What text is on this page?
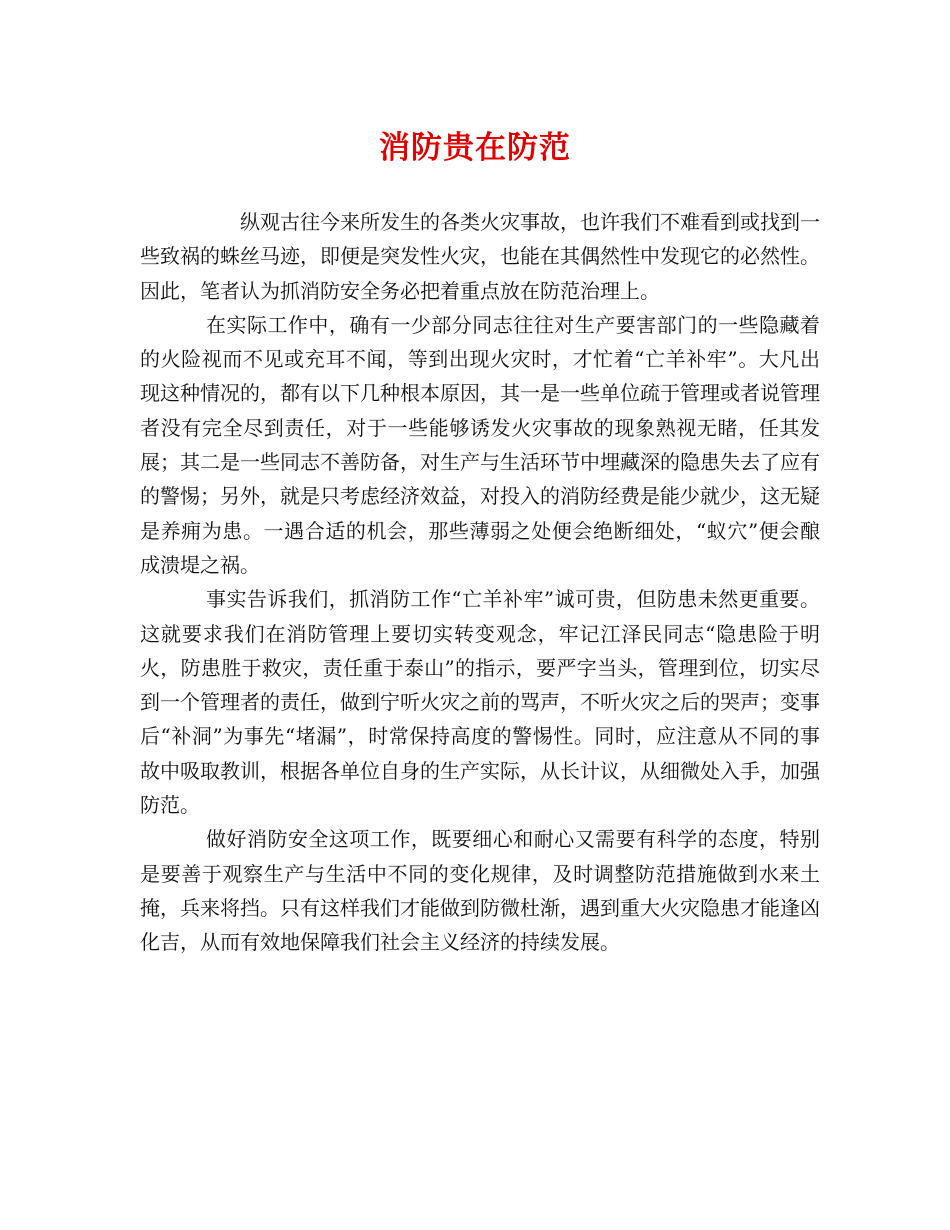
消防贵在防范

纵观古往今来所发生的各类火灾事故，也许我们不难看到或找到一些致祸的蛛丝马迹，即便是突发性火灾，也能在其偶然性中发现它的必然性。因此，笔者认为抓消防安全务必把着重点放在防范治理上。

在实际工作中，确有一少部分同志往往对生产要害部门的一些隐藏着的火险视而不见或充耳不闻，等到出现火灾时，才忙着“亡羊补牢”。大凡出现这种情况的，都有以下几种根本原因，其一是一些单位疏于管理或者说管理者没有完全尽到责任，对于一些能够诱发火灾事故的现象熟视无睹，任其发展；其二是一些同志不善防备，对生产与生活环节中埋藏深的隐患失去了应有的警惕；另外，就是只考虑经济效益，对投入的消防经费是能少就少，这无疑是养痈为患。一遇合适的机会，那些薄弱之处便会绝断细处，“蚁穴”便会酿成溃堤之祸。

事实告诉我们，抓消防工作“亡羊补牢”诚可贵，但防患未然更重要。这就要求我们在消防管理上要切实转变观念，牢记江泽民同志“隐患险于明火，防患胜于救灾，责任重于泰山”的指示，要严字当头，管理到位，切实尽到一个管理者的责任，做到宁听火灾之前的骂声，不听火灾之后的哭声；变事后“补洞”为事先“堵漏”，时常保持高度的警惕性。同时，应注意从不同的事故中吸取教训，根据各单位自身的生产实际，从长计议，从细微处入手，加强防范。

做好消防安全这项工作，既要细心和耐心又需要有科学的态度，特别是要善于观察生产与生活中不同的变化规律，及时调整防范措施做到水来土掩，兵来将挡。只有这样我们才能做到防微杜渐，遇到重大火灾隐患才能逢凶化吉，从而有效地保障我们社会主义经济的持续发展。
